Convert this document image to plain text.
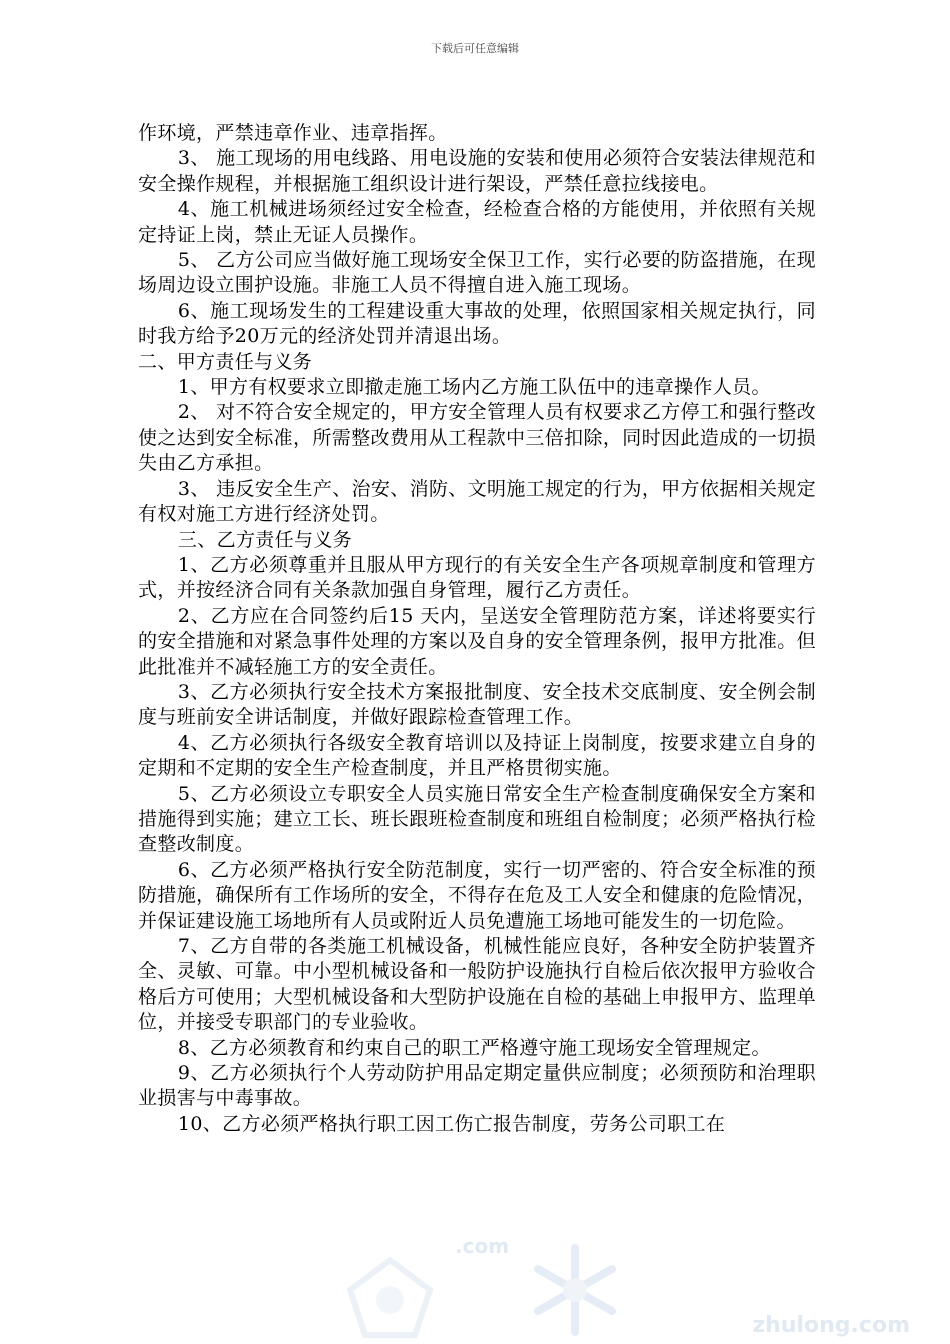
下载后可任意编辑

作环境，严禁违章作业、违章指挥。

3、 施工现场的用电线路、用电设施的安装和使用必须符合安装法律规范和安全操作规程，并根据施工组织设计进行架设，严禁任意拉线接电。

4、施工机械进场须经过安全检查，经检查合格的方能使用，并依照有关规定持证上岗，禁止无证人员操作。

5、 乙方公司应当做好施工现场安全保卫工作，实行必要的防盗措施，在现场周边设立围护设施。非施工人员不得擅自进入施工现场。

6、施工现场发生的工程建设重大事故的处理，依照国家相关规定执行，同时我方给予20万元的经济处罚并清退出场。

二、甲方责任与义务

1、甲方有权要求立即撤走施工场内乙方施工队伍中的违章操作人员。

2、 对不符合安全规定的，甲方安全管理人员有权要求乙方停工和强行整改使之达到安全标准，所需整改费用从工程款中三倍扣除，同时因此造成的一切损失由乙方承担。

3、 违反安全生产、治安、消防、文明施工规定的行为，甲方依据相关规定有权对施工方进行经济处罚。

三、乙方责任与义务

1、乙方必须尊重并且服从甲方现行的有关安全生产各项规章制度和管理方式，并按经济合同有关条款加强自身管理，履行乙方责任。

2、乙方应在合同签约后15 天内，呈送安全管理防范方案，详述将要实行的安全措施和对紧急事件处理的方案以及自身的安全管理条例，报甲方批准。但此批准并不减轻施工方的安全责任。

3、乙方必须执行安全技术方案报批制度、安全技术交底制度、安全例会制度与班前安全讲话制度，并做好跟踪检查管理工作。

4、乙方必须执行各级安全教育培训以及持证上岗制度，按要求建立自身的定期和不定期的安全生产检查制度，并且严格贯彻实施。

5、乙方必须设立专职安全人员实施日常安全生产检查制度确保安全方案和措施得到实施；建立工长、班长跟班检查制度和班组自检制度；必须严格执行检查整改制度。

6、乙方必须严格执行安全防范制度，实行一切严密的、符合安全标准的预防措施，确保所有工作场所的安全，不得存在危及工人安全和健康的危险情况，并保证建设施工场地所有人员或附近人员免遭施工场地可能发生的一切危险。

7、乙方自带的各类施工机械设备，机械性能应良好，各种安全防护装置齐全、灵敏、可靠。中小型机械设备和一般防护设施执行自检后依次报甲方验收合格后方可使用；大型机械设备和大型防护设施在自检的基础上申报甲方、监理单位，并接受专职部门的专业验收。

8、乙方必须教育和约束自己的职工严格遵守施工现场安全管理规定。

9、乙方必须执行个人劳动防护用品定期定量供应制度；必须预防和治理职业损害与中毒事故。

10、乙方必须严格执行职工因工伤亡报告制度，劳务公司职工在

.com
zhulong.com
